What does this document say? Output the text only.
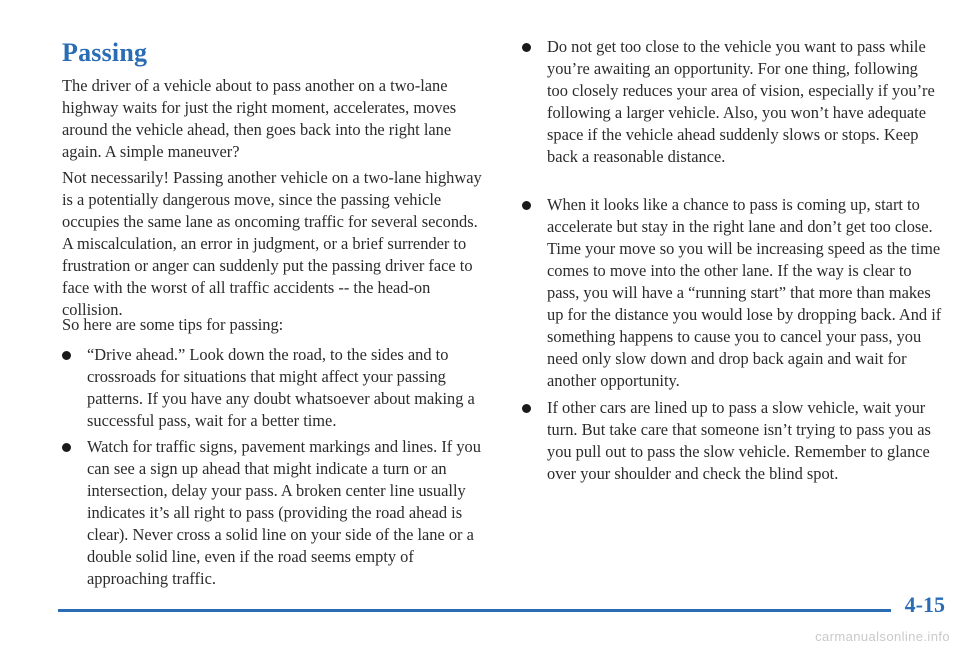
Passing

The driver of a vehicle about to pass another on a two-lane highway waits for just the right moment, accelerates, moves around the vehicle ahead, then goes back into the right lane again. A simple maneuver?

Not necessarily! Passing another vehicle on a two-lane highway is a potentially dangerous move, since the passing vehicle occupies the same lane as oncoming traffic for several seconds. A miscalculation, an error in judgment, or a brief surrender to frustration or anger can suddenly put the passing driver face to face with the worst of all traffic accidents -- the head-on collision.

So here are some tips for passing:

“Drive ahead.” Look down the road, to the sides and to crossroads for situations that might affect your passing patterns. If you have any doubt whatsoever about making a successful pass, wait for a better time.
Watch for traffic signs, pavement markings and lines. If you can see a sign up ahead that might indicate a turn or an intersection, delay your pass. A broken center line usually indicates it’s all right to pass (providing the road ahead is clear). Never cross a solid line on your side of the lane or a double solid line, even if the road seems empty of approaching traffic.
Do not get too close to the vehicle you want to pass while you’re awaiting an opportunity. For one thing, following too closely reduces your area of vision, especially if you’re following a larger vehicle. Also, you won’t have adequate space if the vehicle ahead suddenly slows or stops. Keep back a reasonable distance.
When it looks like a chance to pass is coming up, start to accelerate but stay in the right lane and don’t get too close. Time your move so you will be increasing speed as the time comes to move into the other lane. If the way is clear to pass, you will have a “running start” that more than makes up for the distance you would lose by dropping back. And if something happens to cause you to cancel your pass, you need only slow down and drop back again and wait for another opportunity.
If other cars are lined up to pass a slow vehicle, wait your turn. But take care that someone isn’t trying to pass you as you pull out to pass the slow vehicle. Remember to glance over your shoulder and check the blind spot.
4-15
carmanualsonline.info
